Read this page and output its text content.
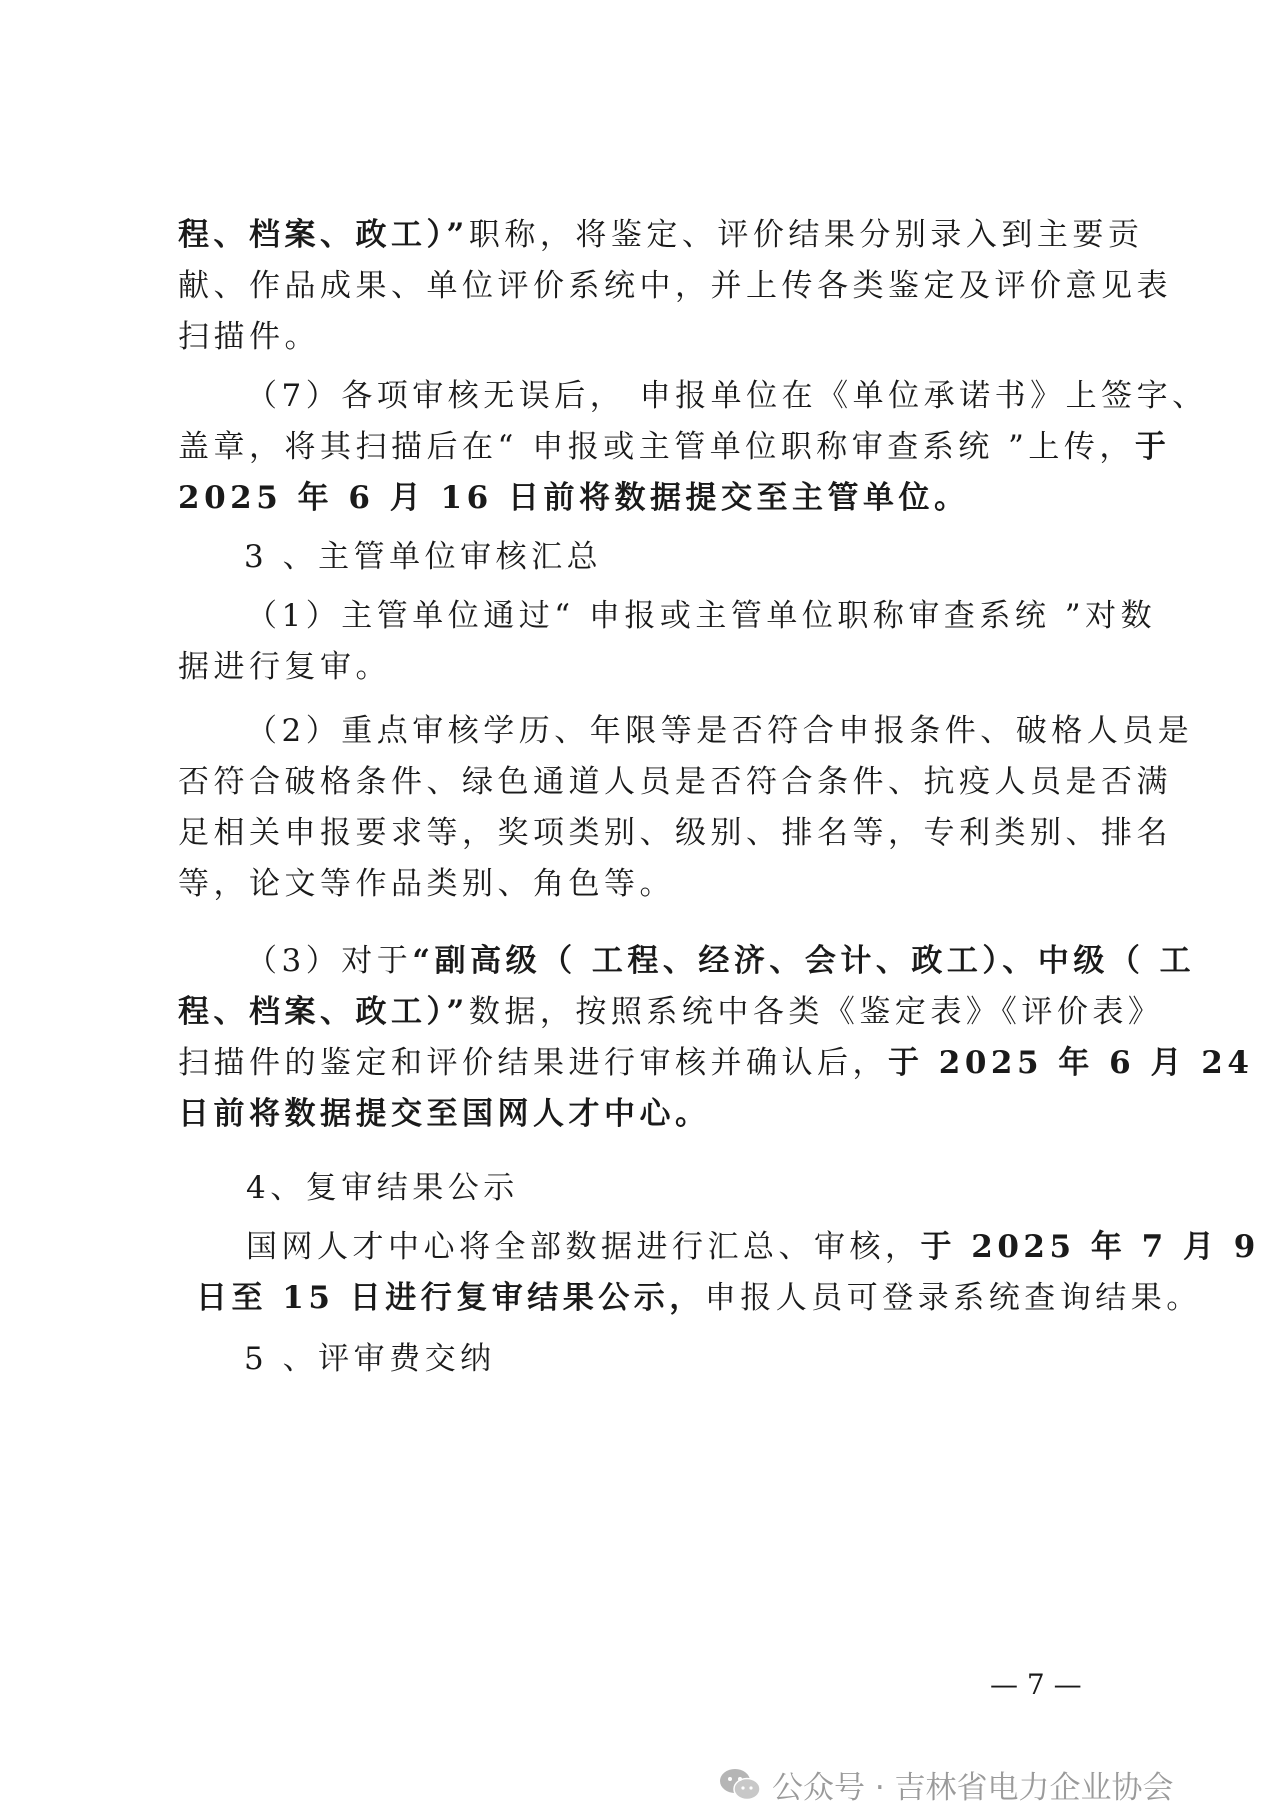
程、档案、政工）”职称，将鉴定、评价结果分别录入到主要贡
献、作品成果、单位评价系统中，并上传各类鉴定及评价意见表
扫描件。
（7）各项审核无误后， 申报单位在《单位承诺书》上签字、
盖章，将其扫描后在“ 申报或主管单位职称审查系统 ”上传，于
2025 年 6 月 16 日前将数据提交至主管单位。
3 、主管单位审核汇总
（1）主管单位通过“ 申报或主管单位职称审查系统 ”对数
据进行复审。
（2）重点审核学历、年限等是否符合申报条件、破格人员是
否符合破格条件、绿色通道人员是否符合条件、抗疫人员是否满
足相关申报要求等，奖项类别、级别、排名等，专利类别、排名
等，论文等作品类别、角色等。
（3）对于“副高级（ 工程、经济、会计、政工）、中级（ 工
程、档案、政工）”数据，按照系统中各类《鉴定表》《评价表》
扫描件的鉴定和评价结果进行审核并确认后，于 2025 年 6 月 24
日前将数据提交至国网人才中心。
4、复审结果公示
国网人才中心将全部数据进行汇总、审核，于 2025 年 7 月 9
日至 15 日进行复审结果公示，申报人员可登录系统查询结果。
5 、评审费交纳
— 7 —
公众号 · 吉林省电力企业协会
